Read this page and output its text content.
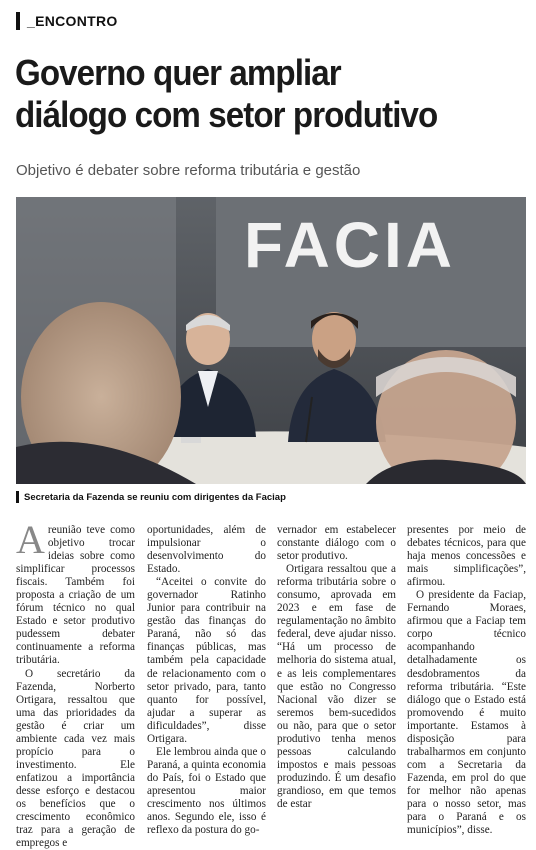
_ENCONTRO
Governo quer ampliar
diálogo com setor produtivo

Objetivo é debater sobre reforma tributária e gestão

FACIA
Secretaria da Fazenda se reuniu com dirigentes da Faciap

Areunião teve como objetivo trocar ideias sobre como simplificar processos fiscais. Também foi proposta a criação de um fórum técnico no qual Estado e setor produtivo pudessem debater continuamente a reforma tributária.

O secretário da Fazenda, Norberto Ortigara, ressaltou que uma das prioridades da gestão é criar um ambiente cada vez mais propício para o investimento. Ele enfatizou a importância desse esforço e destacou os benefícios que o crescimento econômico traz para a geração de empregos e

oportunidades, além de impulsionar o desenvolvimento do Estado.

“Aceitei o convite do governador Ratinho Junior para contribuir na gestão das finanças do Paraná, não só das finanças públicas, mas também pela capacidade de relacionamento com o setor privado, para, tanto quanto for possível, ajudar a superar as dificuldades”, disse Ortigara.

Ele lembrou ainda que o Paraná, a quinta economia do País, foi o Estado que apresentou maior crescimento nos últimos anos. Segundo ele, isso é reflexo da postura do go-

vernador em estabelecer constante diálogo com o setor produtivo.

Ortigara ressaltou que a reforma tributária sobre o consumo, aprovada em 2023 e em fase de regulamentação no âmbito federal, deve ajudar nisso. “Há um processo de melhoria do sistema atual, e as leis complementares que estão no Congresso Nacional vão dizer se seremos bem-sucedidos ou não, para que o setor produtivo tenha menos pessoas calculando impostos e mais pessoas produzindo. É um desafio grandioso, em que temos de estar

presentes por meio de debates técnicos, para que haja menos concessões e mais simplificações”, afirmou.

O presidente da Faciap, Fernando Moraes, afirmou que a Faciap tem corpo técnico acompanhando detalhadamente os desdobramentos da reforma tributária. “Este diálogo que o Estado está promovendo é muito importante. Estamos à disposição para trabalharmos em conjunto com a Secretaria da Fazenda, em prol do que for melhor não apenas para o nosso setor, mas para o Paraná e os municípios”, disse.
